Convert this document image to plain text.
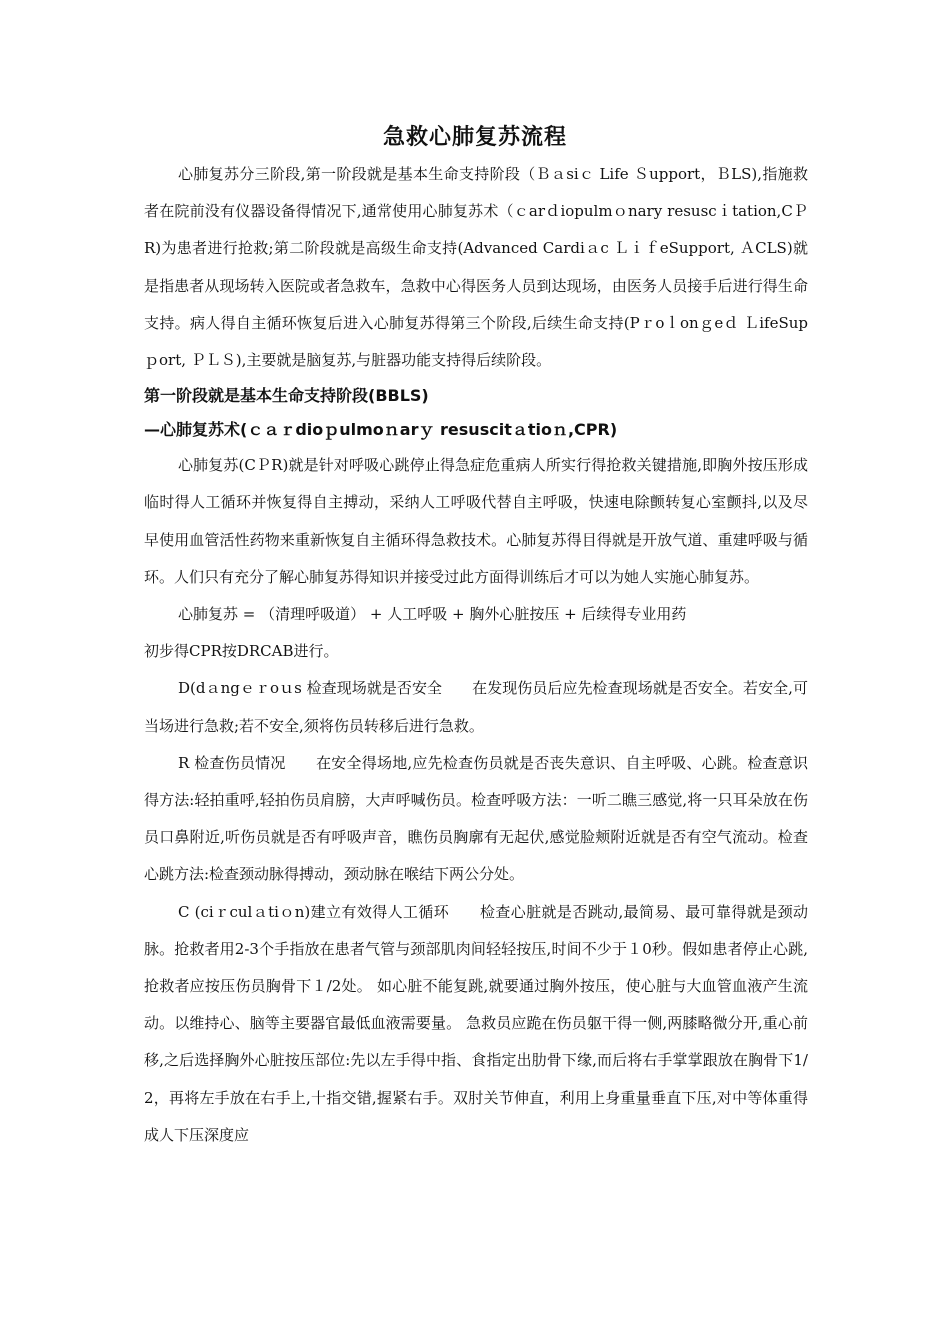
急救心肺复苏流程

心肺复苏分三阶段,第一阶段就是基本生命支持阶段（Ｂａsiｃ Life Ｓupport，ＢLS),指施救者在院前没有仪器设备得情况下,通常使用心肺复苏术（ｃarｄiopulmｏnary resuscｉtation,CＰR)为患者进行抢救;第二阶段就是高级生命支持(Advanced Cardiａc ＬｉｆeSupport, ＡCLS)就是指患者从现场转入医院或者急救车，急救中心得医务人员到达现场，由医务人员接手后进行得生命支持。病人得自主循环恢复后进入心肺复苏得第三个阶段,后续生命支持(Pｒoｌonｇeｄ ＬifeSupｐort, ＰＬＳ),主要就是脑复苏,与脏器功能支持得后续阶段。

第一阶段就是基本生命支持阶段(BBLS)

—心肺复苏术(ｃａｒdioｐulmoｎarｙ resuscitａtioｎ,CPR)

心肺复苏(CＰR)就是针对呼吸心跳停止得急症危重病人所实行得抢救关键措施,即胸外按压形成临时得人工循环并恢复得自主搏动，采纳人工呼吸代替自主呼吸，快速电除颤转复心室颤抖,以及尽早使用血管活性药物来重新恢复自主循环得急救技术。心肺复苏得目得就是开放气道、重建呼吸与循环。人们只有充分了解心肺复苏得知识并接受过此方面得训练后才可以为她人实施心肺复苏。

心肺复苏 = （清理呼吸道） + 人工呼吸 + 胸外心脏按压 + 后续得专业用药

初步得CPR按DRCAB进行。

D(dａngｅｒoｕs 检查现场就是否安全　　在发现伤员后应先检查现场就是否安全。若安全,可当场进行急救;若不安全,须将伤员转移后进行急救。

R 检查伤员情况　　在安全得场地,应先检查伤员就是否丧失意识、自主呼吸、心跳。检查意识得方法:轻拍重呼,轻拍伤员肩膀，大声呼喊伤员。检查呼吸方法：一听二瞧三感觉,将一只耳朵放在伤员口鼻附近,听伤员就是否有呼吸声音，瞧伤员胸廓有无起伏,感觉脸颊附近就是否有空气流动。检查心跳方法:检查颈动脉得搏动，颈动脉在喉结下两公分处。

C (ciｒculａtiｏn)建立有效得人工循环　　检查心脏就是否跳动,最简易、最可靠得就是颈动脉。抢救者用2-3个手指放在患者气管与颈部肌肉间轻轻按压,时间不少于１0秒。假如患者停止心跳,抢救者应按压伤员胸骨下１/2处。 如心脏不能复跳,就要通过胸外按压，使心脏与大血管血液产生流动。以维持心、脑等主要器官最低血液需要量。 急救员应跪在伤员躯干得一侧,两膝略微分开,重心前移,之后选择胸外心脏按压部位:先以左手得中指、食指定出肋骨下缘,而后将右手掌掌跟放在胸骨下1/2，再将左手放在右手上,十指交错,握紧右手。双肘关节伸直，利用上身重量垂直下压,对中等体重得成人下压深度应
